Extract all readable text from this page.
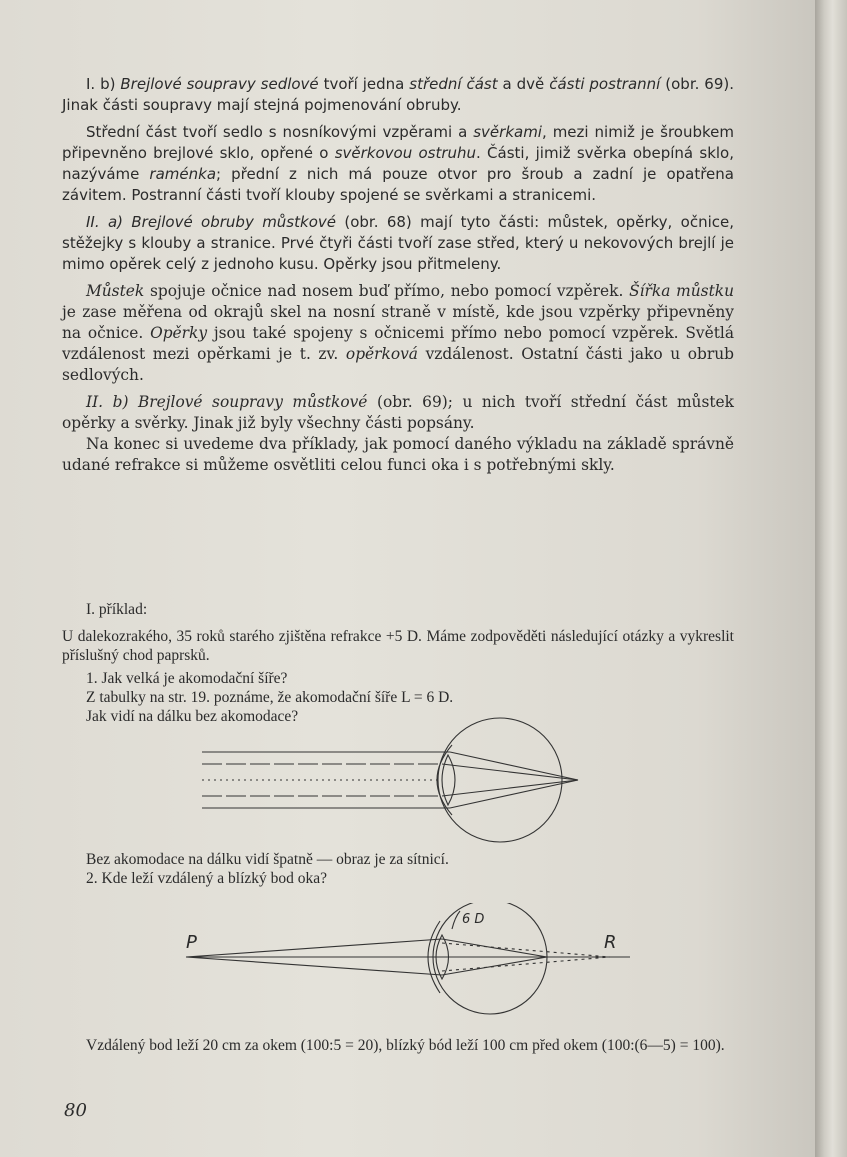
I. b) Brejlové soupravy sedlové tvoří jedna střední část a dvě části postranní (obr. 69). Jinak části soupravy mají stejná pojmenování obruby.

Střední část tvoří sedlo s nosníkovými vzpěrami a svěrkami, mezi nimiž je šroubkem připevněno brejlové sklo, opřené o svěrkovou ostruhu. Části, jimiž svěrka obepíná sklo, nazýváme raménka; přední z nich má pouze otvor pro šroub a zadní je opatřena závitem. Postranní části tvoří klouby spojené se svěrkami a stranicemi.

II. a) Brejlové obruby můstkové (obr. 68) mají tyto části: můstek, opěrky, očnice, stěžejky s klouby a stranice. Prvé čtyři části tvoří zase střed, který u nekovových brejlí je mimo opěrek celý z jednoho kusu. Opěrky jsou přitmeleny.

Můstek spojuje očnice nad nosem buď přímo, nebo pomocí vzpěrek. Šířka můstku je zase měřena od okrajů skel na nosní straně v místě, kde jsou vzpěrky připevněny na očnice. Opěrky jsou také spojeny s očnicemi přímo nebo pomocí vzpěrek. Světlá vzdálenost mezi opěrkami je t. zv. opěrková vzdálenost. Ostatní části jako u obrub sedlových.

II. b) Brejlové soupravy můstkové (obr. 69); u nich tvoří střední část můstek opěrky a svěrky. Jinak již byly všechny části popsány.

Na konec si uvedeme dva příklady, jak pomocí daného výkladu na základě správně udané refrakce si můžeme osvětliti celou funci oka i s potřebnými skly.

I. příklad:

U dalekozrakého, 35 roků starého zjištěna refrakce +5 D. Máme zodpověděti následující otázky a vykreslit příslušný chod paprsků.

1. Jak velká je akomodační šíře?

Z tabulky na str. 19. poznáme, že akomodační šíře L = 6 D.

Jak vidí na dálku bez akomodace?

Bez akomodace na dálku vidí špatně — obraz je za sítnicí.

2. Kde leží vzdálený a blízký bod oka?

P	R
6 D

Vzdálený bod leží 20 cm za okem (100:5 = 20), blízký bód leží 100 cm před okem (100:(6—5) = 100).

80
